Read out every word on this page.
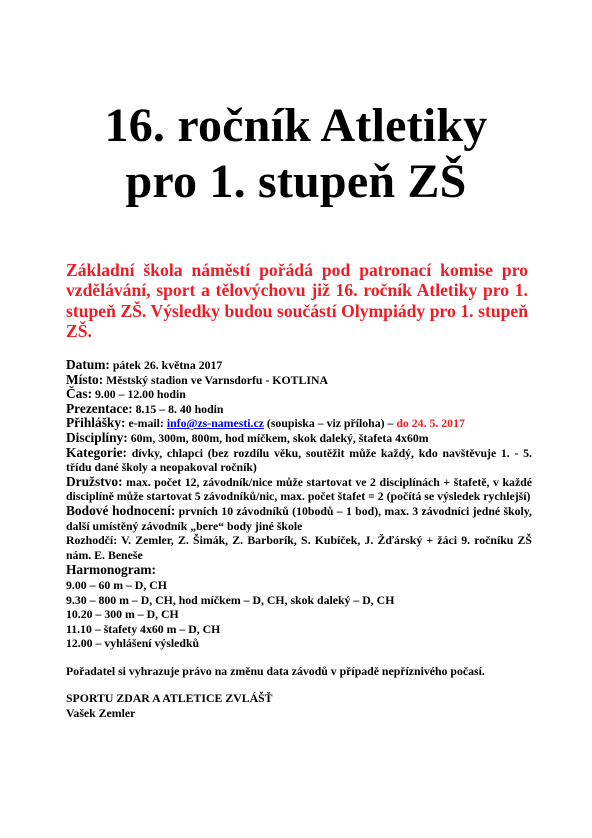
16. ročník Atletiky
pro 1. stupeň ZŠ
Základní škola náměstí pořádá pod patronací komise pro vzdělávání, sport a tělovýchovu již 16. ročník Atletiky pro 1. stupeň ZŠ. Výsledky budou součástí Olympiády pro 1. stupeň ZŠ.
Datum: pátek 26. května 2017
Místo: Městský stadion ve Varnsdorfu - KOTLINA
Čas: 9.00 – 12.00 hodin
Prezentace: 8.15 – 8. 40 hodin
Přihlášky: e-mail: info@zs-namesti.cz (soupiska – viz příloha) – do 24. 5. 2017
Disciplíny: 60m, 300m, 800m, hod míčkem, skok daleký, štafeta 4x60m
Kategorie: dívky, chlapci (bez rozdílu věku, soutěžit může každý, kdo navštěvuje 1. - 5. třídu dané školy a neopakoval ročník)
Družstvo: max. počet 12, závodník/nice může startovat ve 2 disciplínách + štafetě, v každé disciplíně může startovat 5 závodníků/nic, max. počet štafet = 2 (počítá se výsledek rychlejší)
Bodové hodnocení: prvních 10 závodníků (10bodů – 1 bod), max. 3 závodníci jedné školy, další umístěný závodník „bere“ body jiné škole
Rozhodčí: V. Zemler, Z. Šimák, Z. Barborík, S. Kubíček, J. Žďárský + žáci 9. ročníku ZŠ nám. E. Beneše
Harmonogram:
9.00 – 60 m – D, CH
9.30 – 800 m – D, CH, hod míčkem – D, CH, skok daleký – D, CH
10.20 – 300 m – D, CH
11.10 – štafety 4x60 m – D, CH
12.00 – vyhlášení výsledků
Pořadatel si vyhrazuje právo na změnu data závodů v případě nepříznivého počasí.
SPORTU ZDAR A ATLETICE ZVLÁŠŤ
Vašek Zemler
